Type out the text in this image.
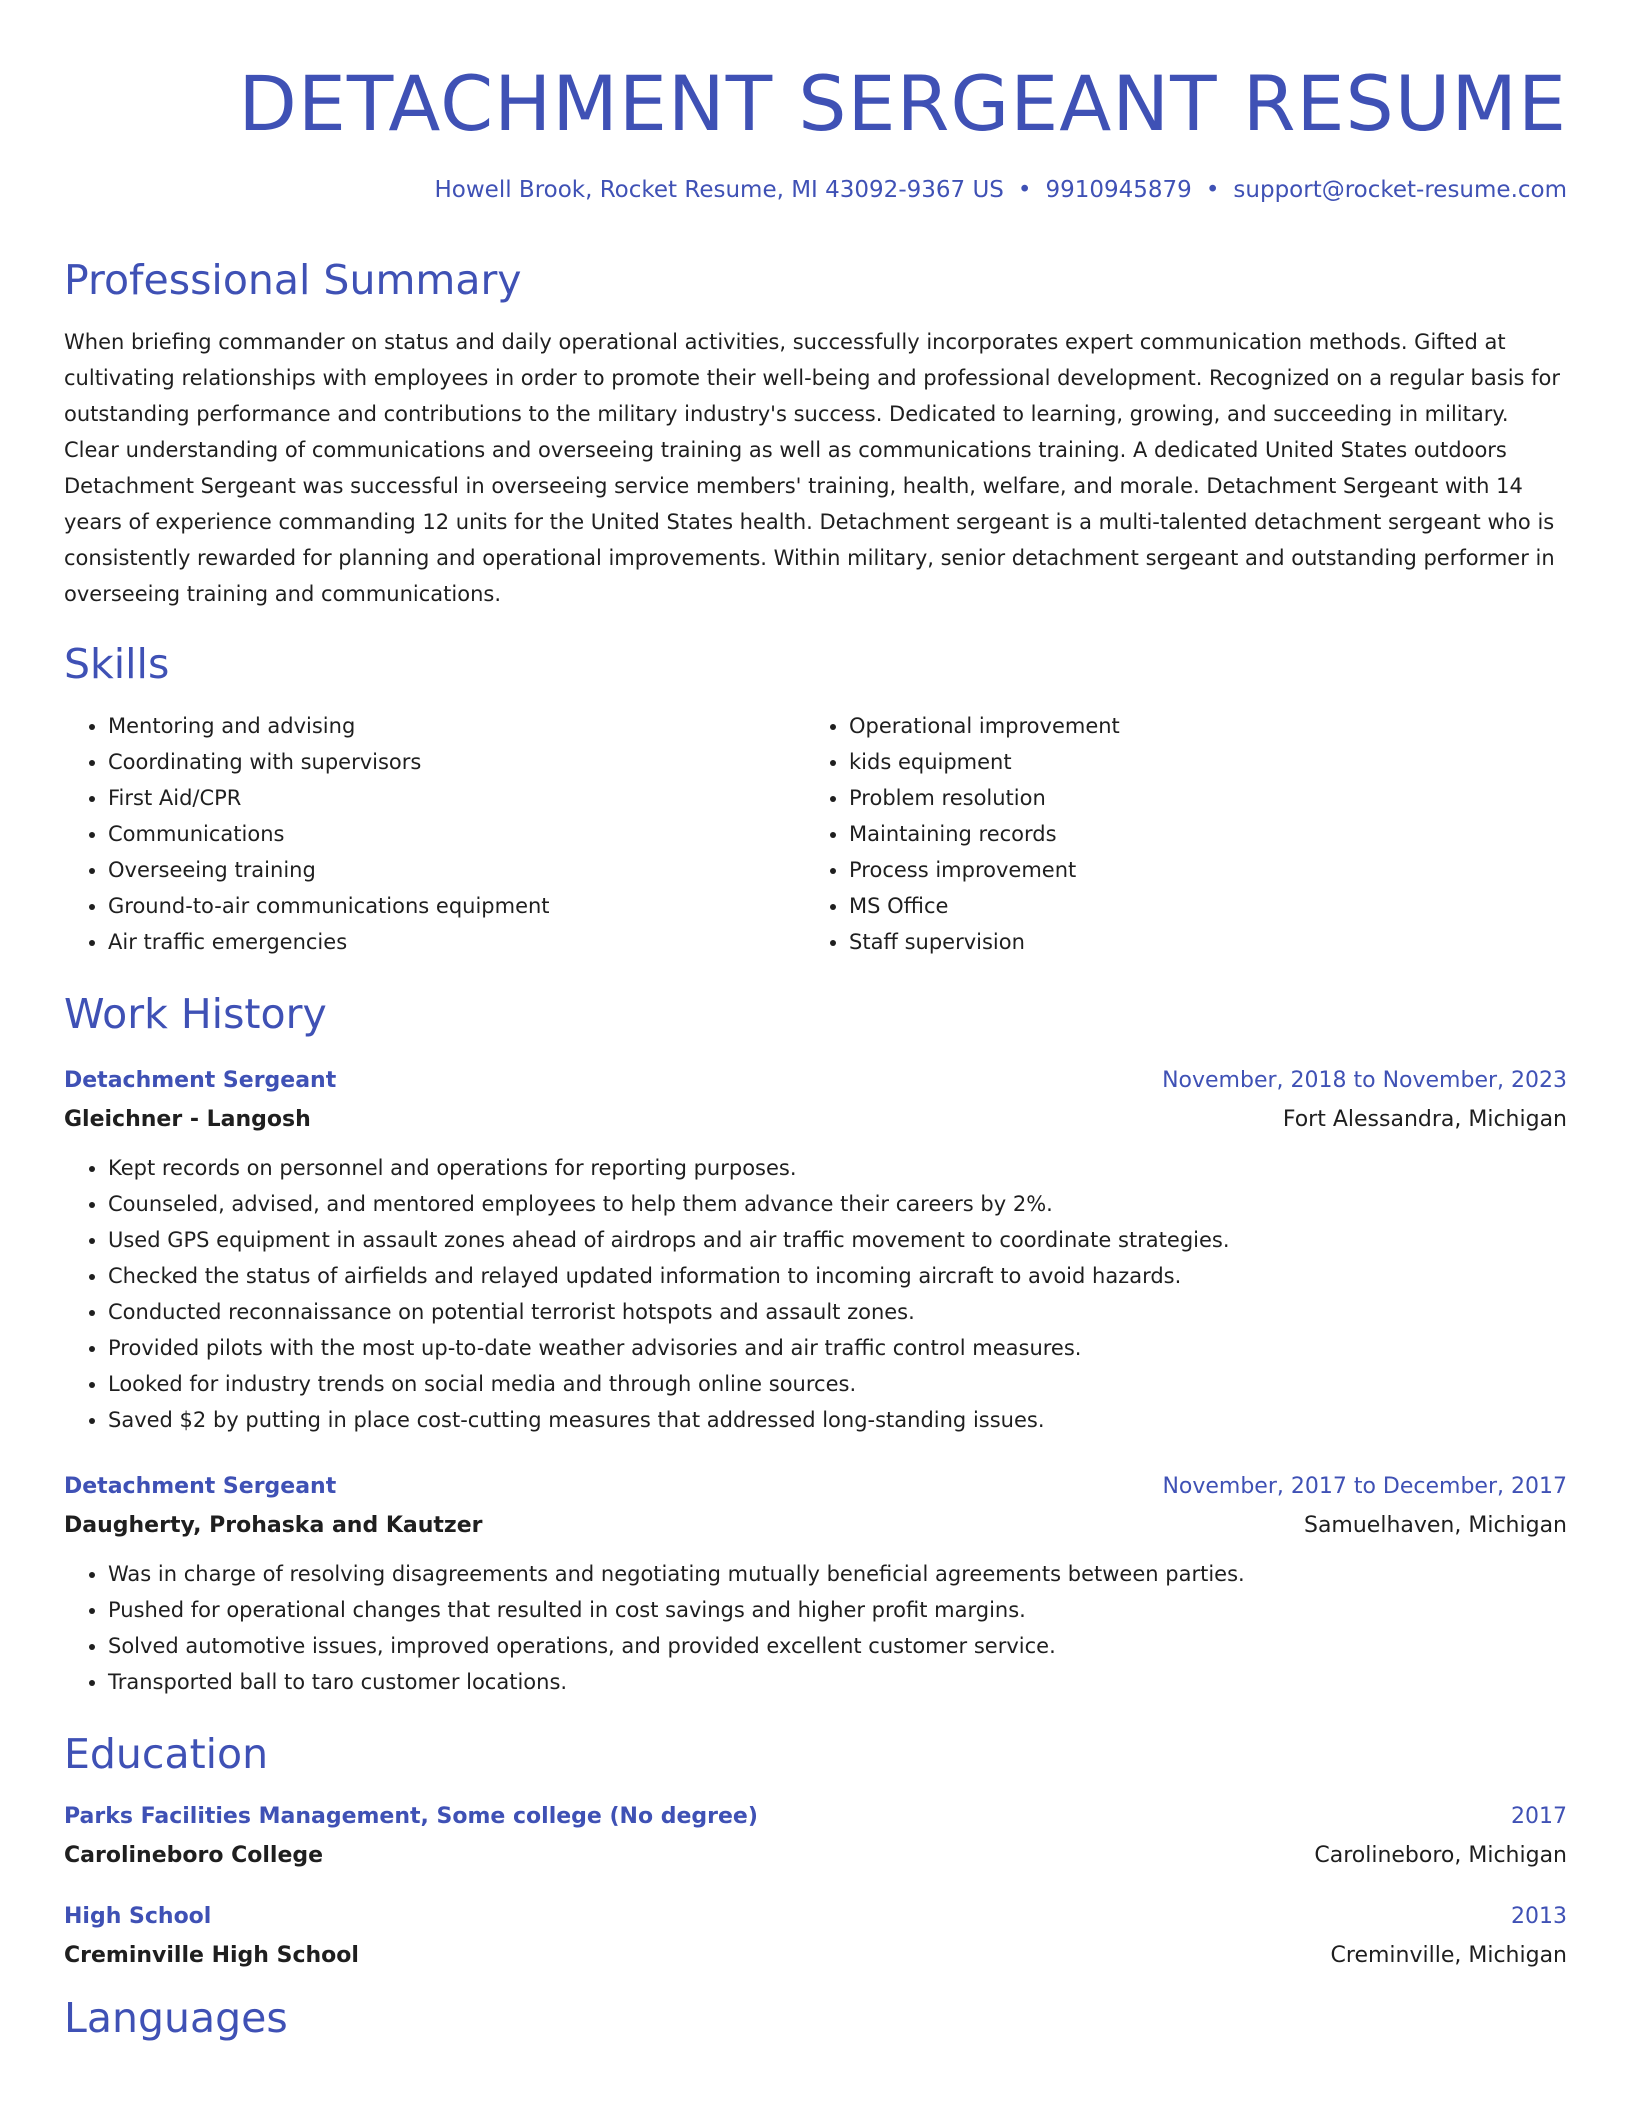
DETACHMENT SERGEANT RESUME
Howell Brook, Rocket Resume, MI 43092-9367 US • 9910945879 • support@rocket-resume.com
Professional Summary
When briefing commander on status and daily operational activities, successfully incorporates expert communication methods. Gifted at cultivating relationships with employees in order to promote their well-being and professional development. Recognized on a regular basis for outstanding performance and contributions to the military industry's success. Dedicated to learning, growing, and succeeding in military. Clear understanding of communications and overseeing training as well as communications training. A dedicated United States outdoors Detachment Sergeant was successful in overseeing service members' training, health, welfare, and morale. Detachment Sergeant with 14 years of experience commanding 12 units for the United States health. Detachment sergeant is a multi-talented detachment sergeant who is consistently rewarded for planning and operational improvements. Within military, senior detachment sergeant and outstanding performer in overseeing training and communications.
Skills
• Mentoring and advising
• Coordinating with supervisors
• First Aid/CPR
• Communications
• Overseeing training
• Ground-to-air communications equipment
• Air traffic emergencies
• Operational improvement
• kids equipment
• Problem resolution
• Maintaining records
• Process improvement
• MS Office
• Staff supervision
Work History
Detachment Sergeant	November, 2018 to November, 2023
Gleichner - Langosh	Fort Alessandra, Michigan
• Kept records on personnel and operations for reporting purposes.
• Counseled, advised, and mentored employees to help them advance their careers by 2%.
• Used GPS equipment in assault zones ahead of airdrops and air traffic movement to coordinate strategies.
• Checked the status of airfields and relayed updated information to incoming aircraft to avoid hazards.
• Conducted reconnaissance on potential terrorist hotspots and assault zones.
• Provided pilots with the most up-to-date weather advisories and air traffic control measures.
• Looked for industry trends on social media and through online sources.
• Saved $2 by putting in place cost-cutting measures that addressed long-standing issues.
Detachment Sergeant	November, 2017 to December, 2017
Daugherty, Prohaska and Kautzer	Samuelhaven, Michigan
• Was in charge of resolving disagreements and negotiating mutually beneficial agreements between parties.
• Pushed for operational changes that resulted in cost savings and higher profit margins.
• Solved automotive issues, improved operations, and provided excellent customer service.
• Transported ball to taro customer locations.
Education
Parks Facilities Management, Some college (No degree)	2017
Carolineboro College	Carolineboro, Michigan
High School	2013
Creminville High School	Creminville, Michigan
Languages
